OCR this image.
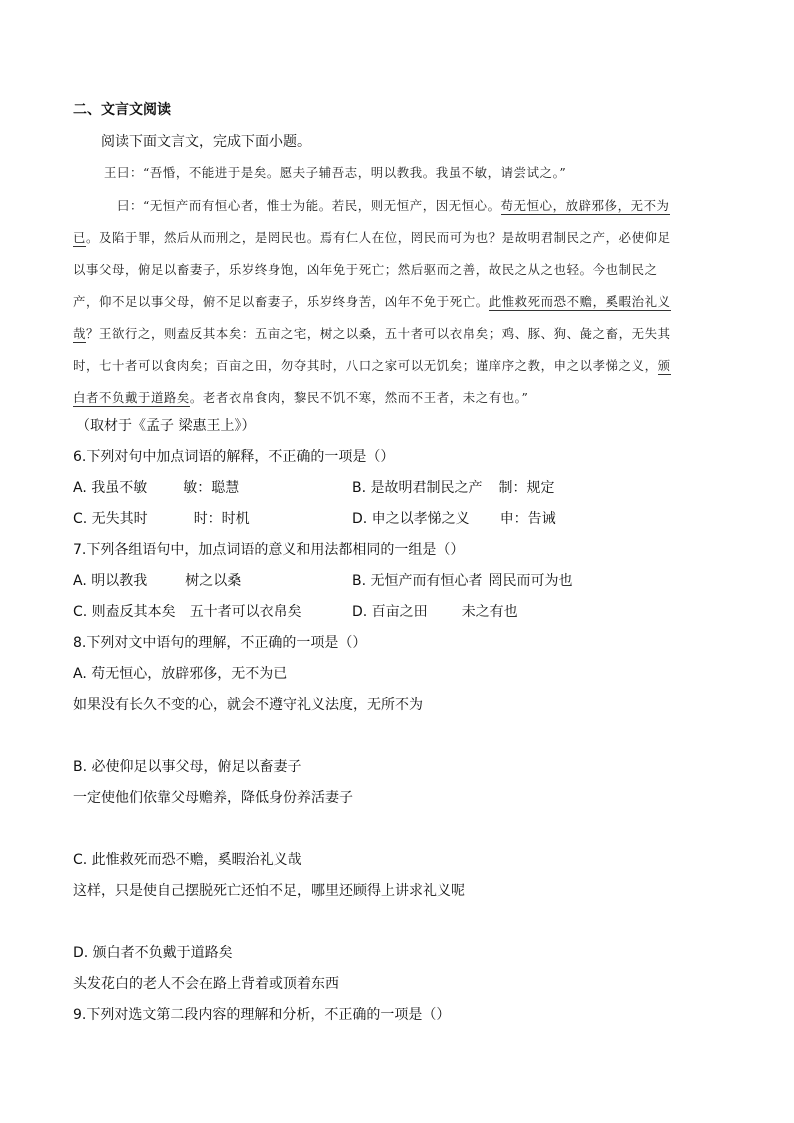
二、文言文阅读
阅读下面文言文，完成下面小题。
王曰：“吾惛，不能进于是矣。愿夫子辅吾志，明以教我。我虽不敏，请尝试之。”
曰：“无恒产而有恒心者，惟士为能。若民，则无恒产，因无恒心。苟无恒心，放辟邪侈，无不为
已。及陷于罪，然后从而刑之，是罔民也。焉有仁人在位，罔民而可为也？是故明君制民之产，必使仰足
以事父母，俯足以畜妻子，乐岁终身饱，凶年免于死亡；然后驱而之善，故民之从之也轻。今也制民之
产，仰不足以事父母，俯不足以畜妻子，乐岁终身苦，凶年不免于死亡。此惟救死而恐不赡，奚暇治礼义
哉？王欲行之，则盍反其本矣：五亩之宅，树之以桑，五十者可以衣帛矣；鸡、豚、狗、彘之畜，无失其
时，七十者可以食肉矣；百亩之田，勿夺其时，八口之家可以无饥矣；谨庠序之教，申之以孝悌之义，颁
白者不负戴于道路矣。老者衣帛食肉，黎民不饥不寒，然而不王者，未之有也。”
（取材于《孟子 梁惠王上》）
6.下列对句中加点词语的解释，不正确的一项是（）
A. 我虽不敏	敏：聪慧	B. 是故明君制民之产 制：规定
C. 无失其时	时：时机	D. 申之以孝悌之义 申：告诫
7.下列各组语句中，加点词语的意义和用法都相同的一组是（）
A. 明以教我	树之以桑	B. 无恒产而有恒心者 罔民而可为也
C. 则盍反其本矣 五十者可以衣帛矣	D. 百亩之田 未之有也
8.下列对文中语句的理解，不正确的一项是（）
A. 苟无恒心，放辟邪侈，无不为已
如果没有长久不变的心，就会不遵守礼义法度，无所不为
B. 必使仰足以事父母，俯足以畜妻子
一定使他们依靠父母赡养，降低身份养活妻子
C. 此惟救死而恐不赡，奚暇治礼义哉
这样，只是使自己摆脱死亡还怕不足，哪里还顾得上讲求礼义呢
D. 颁白者不负戴于道路矣
头发花白的老人不会在路上背着或顶着东西
9.下列对选文第二段内容的理解和分析，不正确的一项是（）
